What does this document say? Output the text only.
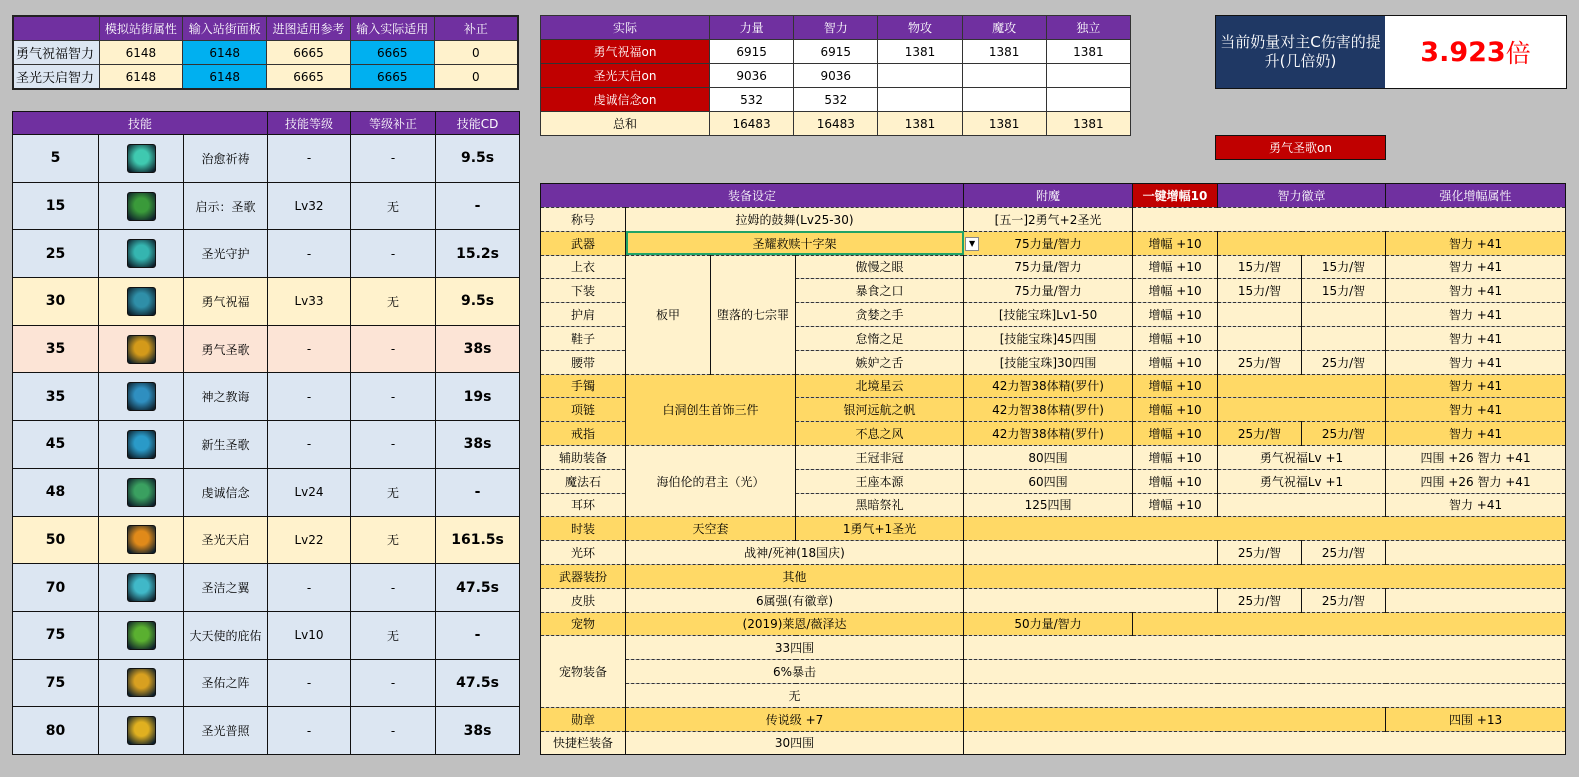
	模拟站街属性	输入站街面板	进图适用参考	输入实际适用	补正
勇气祝福智力	6148	6148	6665	6665	0
圣光天启智力	6148	6148	6665	6665	0
实际	力量	智力	物攻	魔攻	独立
勇气祝福on	6915	6915	1381	1381	1381
圣光天启on	9036	9036			
虔诚信念on	532	532			
总和	16483	16483	1381	1381	1381
当前奶量对主C伤害的提升(几倍奶)	3.923 倍
勇气圣歌on
技能			技能等级	等级补正	技能CD
5		治愈祈祷	-	-	9.5s
15		启示：圣歌	Lv32	无	-
25		圣光守护	-	-	15.2s
30		勇气祝福	Lv33	无	9.5s
35		勇气圣歌	-	-	38s
35		神之教诲	-	-	19s
45		新生圣歌	-	-	38s
48		虔诚信念	Lv24	无	-
50		圣光天启	Lv22	无	161.5s
70		圣洁之翼	-	-	47.5s
75		大天使的庇佑	Lv10	无	-
75		圣佑之阵	-	-	47.5s
80		圣光普照	-	-	38s
装备设定				附魔	一键增幅10	智力徽章		强化增幅属性
称号	拉姆的鼓舞(Lv25-30)			[五一]2勇气+2圣光				
武器	圣耀救赎十字架 ▼			75力量/智力	增幅 +10			智力 +41
上衣	板甲	堕落的七宗罪	傲慢之眼	75力量/智力	增幅 +10	15力/智	15力/智	智力 +41
下装			暴食之口	75力量/智力	增幅 +10	15力/智	15力/智	智力 +41
护肩			贪婪之手	[技能宝珠]Lv1-50	增幅 +10			智力 +41
鞋子			怠惰之足	[技能宝珠]45四围	增幅 +10			智力 +41
腰带			嫉妒之舌	[技能宝珠]30四围	增幅 +10	25力/智	25力/智	智力 +41
手镯	白洞创生首饰三件		北境星云	42力智38体精(罗什)	增幅 +10			智力 +41
项链			银河远航之帆	42力智38体精(罗什)	增幅 +10			智力 +41
戒指			不息之风	42力智38体精(罗什)	增幅 +10	25力/智	25力/智	智力 +41
辅助装备	海伯伦的君主（光）		王冠非冠	80四围	增幅 +10	勇气祝福Lv +1		四围 +26 智力 +41
魔法石			王座本源	60四围	增幅 +10	勇气祝福Lv +1		四围 +26 智力 +41
耳环			黑暗祭礼	125四围	增幅 +10			智力 +41
时装	天空套		1勇气+1圣光					
光环	战神/死神(18国庆)					25力/智	25力/智	
武器装扮	其他							
皮肤	6属强(有徽章)					25力/智	25力/智	
宠物	(2019)莱恩/薇泽达			50力量/智力				
宠物装备	33四围							
	6%暴击							
	无							
勋章	传说级 +7							四围 +13
快捷栏装备	30四围							
